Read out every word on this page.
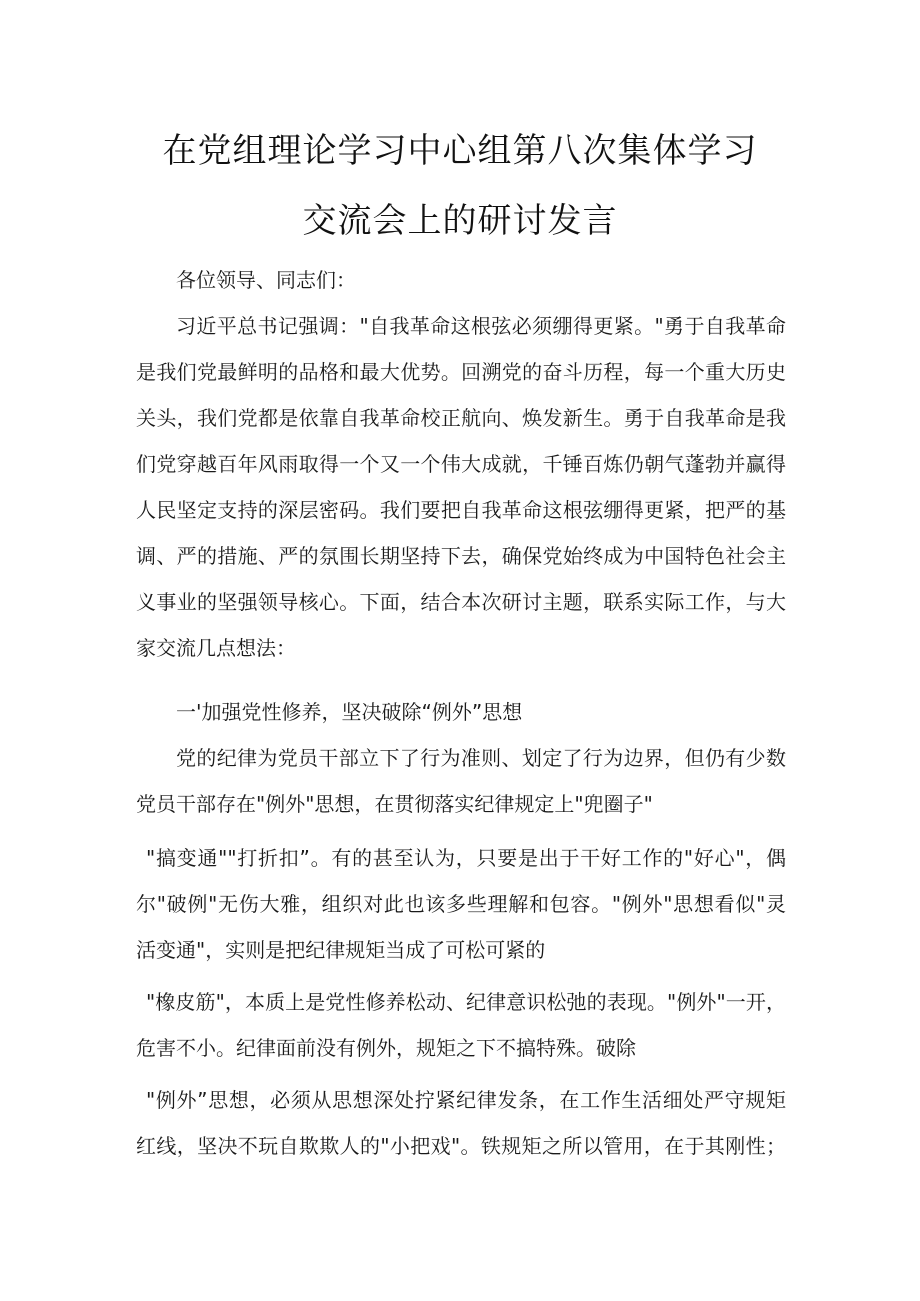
在党组理论学习中心组第八次集体学习
交流会上的研讨发言
各位领导、同志们：
习近平总书记强调："自我革命这根弦必须绷得更紧。"勇于自我革命
是我们党最鲜明的品格和最大优势。回溯党的奋斗历程，每一个重大历史
关头，我们党都是依靠自我革命校正航向、焕发新生。勇于自我革命是我
们党穿越百年风雨取得一个又一个伟大成就，千锤百炼仍朝气蓬勃并赢得
人民坚定支持的深层密码。我们要把自我革命这根弦绷得更紧，把严的基
调、严的措施、严的氛围长期坚持下去，确保党始终成为中国特色社会主
义事业的坚强领导核心。下面，结合本次研讨主题，联系实际工作，与大
家交流几点想法：
一'加强党性修养，坚决破除“例外”思想
党的纪律为党员干部立下了行为准则、划定了行为边界，但仍有少数
党员干部存在"例外"思想，在贯彻落实纪律规定上"兜圈子"
"搞变通""打折扣”。有的甚至认为，只要是出于干好工作的"好心"，偶
尔"破例"无伤大雅，组织对此也该多些理解和包容。"例外"思想看似"灵
活变通"，实则是把纪律规矩当成了可松可紧的
"橡皮筋"，本质上是党性修养松动、纪律意识松弛的表现。"例外"一开，
危害不小。纪律面前没有例外，规矩之下不搞特殊。破除
"例外”思想，必须从思想深处拧紧纪律发条，在工作生活细处严守规矩
红线，坚决不玩自欺欺人的"小把戏"。铁规矩之所以管用，在于其刚性；
